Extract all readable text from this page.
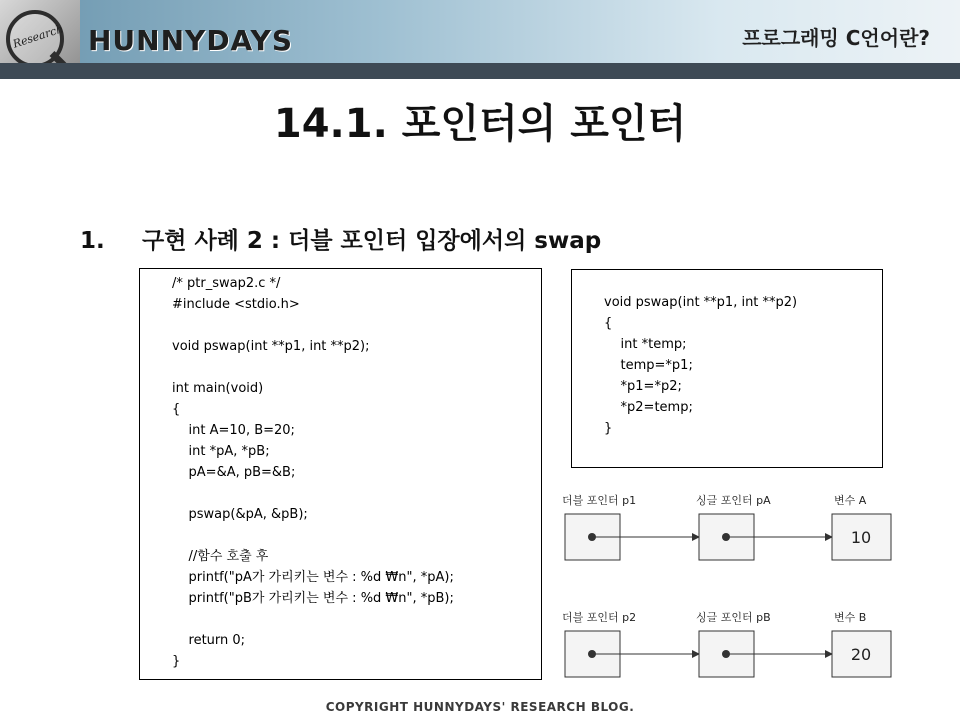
Research HUNNYDAYS	프로그래밍 C언어란?
14.1. 포인터의 포인터
1. 구현 사례 2 : 더블 포인터 입장에서의 swap
/* ptr_swap2.c */
#include <stdio.h>

void pswap(int **p1, int **p2);

int main(void)
{
int A=10, B=20;
int *pA, *pB;
pA=&A, pB=&B;

pswap(&pA, &pB);

//함수 호출 후
printf("pA가 가리키는 변수 : %d ₩n", *pA);
printf("pB가 가리키는 변수 : %d ₩n", *pB);

return 0;
}
void pswap(int **p1, int **p2)
{
int *temp;
temp=*p1;
*p1=*p2;
*p2=temp;
}
더블 포인터 p1	싱글 포인터 pA	변수 A
10
더블 포인터 p2	싱글 포인터 pB	변수 B
20
COPYRIGHT HUNNYDAYS' RESEARCH BLOG.
